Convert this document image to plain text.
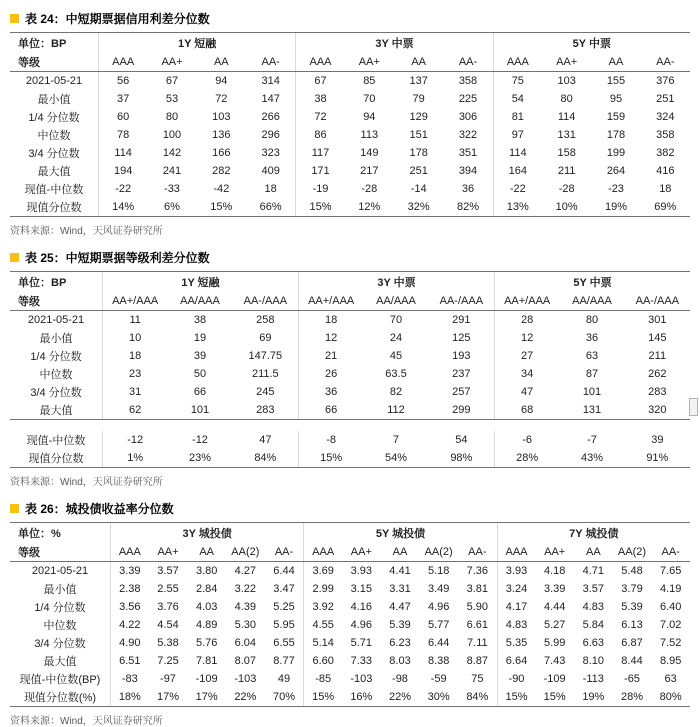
表 24：中短期票据信用利差分位数
单位：BP	1Y 短融	3Y 中票	5Y 中票
等级	AAA	AA+	AA	AA-	AAA	AA+	AA	AA-	AAA	AA+	AA	AA-
2021-05-21	56	67	94	314	67	85	137	358	75	103	155	376
最小值	37	53	72	147	38	70	79	225	54	80	95	251
1/4 分位数	60	80	103	266	72	94	129	306	81	114	159	324
中位数	78	100	136	296	86	113	151	322	97	131	178	358
3/4 分位数	114	142	166	323	117	149	178	351	114	158	199	382
最大值	194	241	282	409	171	217	251	394	164	211	264	416
现值-中位数	-22	-33	-42	18	-19	-28	-14	36	-22	-28	-23	18
现值分位数	14%	6%	15%	66%	15%	12%	32%	82%	13%	10%	19%	69%
资料来源：Wind，天风证券研究所
表 25：中短期票据等级利差分位数
单位：BP	1Y 短融	3Y 中票	5Y 中票
等级	AA+/AAA	AA/AAA	AA-/AAA	AA+/AAA	AA/AAA	AA-/AAA	AA+/AAA	AA/AAA	AA-/AAA
2021-05-21	11	38	258	18	70	291	28	80	301
最小值	10	19	69	12	24	125	12	36	145
1/4 分位数	18	39	147.75	21	45	193	27	63	211
中位数	23	50	211.5	26	63.5	237	34	87	262
3/4 分位数	31	66	245	36	82	257	47	101	283
最大值	62	101	283	66	112	299	68	131	320
现值-中位数	-12	-12	47	-8	7	54	-6	-7	39
现值分位数	1%	23%	84%	15%	54%	98%	28%	43%	91%
资料来源：Wind，天风证券研究所
表 26：城投债收益率分位数
单位：%	3Y 城投债	5Y 城投债	7Y 城投债
等级	AAA	AA+	AA	AA(2)	AA-	AAA	AA+	AA	AA(2)	AA-	AAA	AA+	AA	AA(2)	AA-
2021-05-21	3.39	3.57	3.80	4.27	6.44	3.69	3.93	4.41	5.18	7.36	3.93	4.18	4.71	5.48	7.65
最小值	2.38	2.55	2.84	3.22	3.47	2.99	3.15	3.31	3.49	3.81	3.24	3.39	3.57	3.79	4.19
1/4 分位数	3.56	3.76	4.03	4.39	5.25	3.92	4.16	4.47	4.96	5.90	4.17	4.44	4.83	5.39	6.40
中位数	4.22	4.54	4.89	5.30	5.95	4.55	4.96	5.39	5.77	6.61	4.83	5.27	5.84	6.13	7.02
3/4 分位数	4.90	5.38	5.76	6.04	6.55	5.14	5.71	6.23	6.44	7.11	5.35	5.99	6.63	6.87	7.52
最大值	6.51	7.25	7.81	8.07	8.77	6.60	7.33	8.03	8.38	8.87	6.64	7.43	8.10	8.44	8.95
现值-中位数(BP)	-83	-97	-109	-103	49	-85	-103	-98	-59	75	-90	-109	-113	-65	63
现值分位数(%)	18%	17%	17%	22%	70%	15%	16%	22%	30%	84%	15%	15%	19%	28%	80%
资料来源：Wind，天风证券研究所
